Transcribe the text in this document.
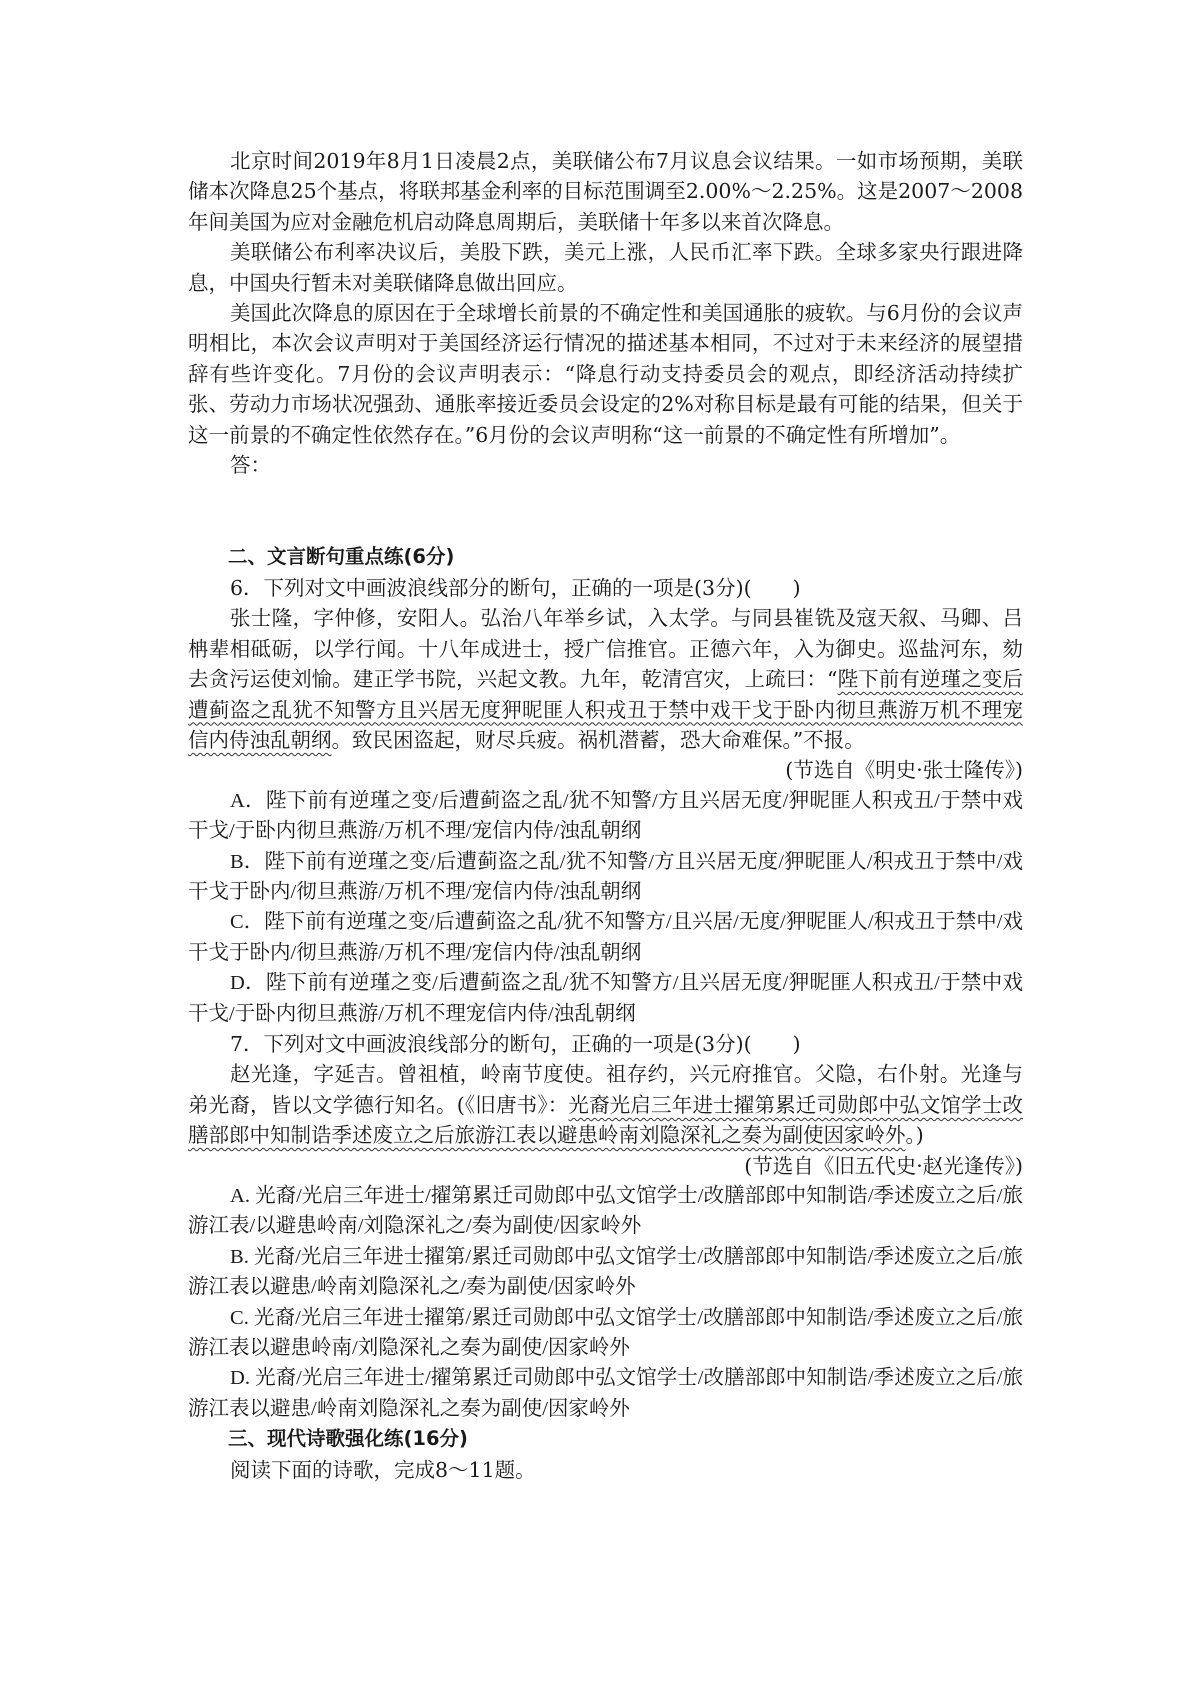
北京时间2019年8月1日凌晨2点，美联储公布7月议息会议结果。一如市场预期，美联储本次降息25个基点，将联邦基金利率的目标范围调至2.00%～2.25%。这是2007～2008年间美国为应对金融危机启动降息周期后，美联储十年多以来首次降息。

美联储公布利率决议后，美股下跌，美元上涨，人民币汇率下跌。全球多家央行跟进降息，中国央行暂未对美联储降息做出回应。

美国此次降息的原因在于全球增长前景的不确定性和美国通胀的疲软。与6月份的会议声明相比，本次会议声明对于美国经济运行情况的描述基本相同，不过对于未来经济的展望措辞有些许变化。7月份的会议声明表示：“降息行动支持委员会的观点，即经济活动持续扩张、劳动力市场状况强劲、通胀率接近委员会设定的2%对称目标是最有可能的结果，但关于这一前景的不确定性依然存在。”6月份的会议声明称“这一前景的不确定性有所增加”。

答：

二、文言断句重点练(6分)

6．下列对文中画波浪线部分的断句，正确的一项是(3分)(　　)

张士隆，字仲修，安阳人。弘治八年举乡试，入太学。与同县崔铣及寇天叙、马卿、吕柟辈相砥砺，以学行闻。十八年成进士，授广信推官。正德六年，入为御史。巡盐河东，劾去贪污运使刘愉。建正学书院，兴起文教。九年，乾清宫灾，上疏曰：“陛下前有逆瑾之变后遭蓟盗之乱犹不知警方且兴居无度狎昵匪人积戎丑于禁中戏干戈于卧内彻旦燕游万机不理宠信内侍浊乱朝纲。致民困盗起，财尽兵疲。祸机潜蓄，恐大命难保。”不报。

(节选自《明史·张士隆传》)

A．陛下前有逆瑾之变/后遭蓟盗之乱/犹不知警/方且兴居无度/狎昵匪人积戎丑/于禁中戏干戈/于卧内彻旦燕游/万机不理/宠信内侍/浊乱朝纲

B．陛下前有逆瑾之变/后遭蓟盗之乱/犹不知警/方且兴居无度/狎昵匪人/积戎丑于禁中/戏干戈于卧内/彻旦燕游/万机不理/宠信内侍/浊乱朝纲

C．陛下前有逆瑾之变/后遭蓟盗之乱/犹不知警方/且兴居/无度/狎昵匪人/积戎丑于禁中/戏干戈于卧内/彻旦燕游/万机不理/宠信内侍/浊乱朝纲

D．陛下前有逆瑾之变/后遭蓟盗之乱/犹不知警方/且兴居无度/狎昵匪人积戎丑/于禁中戏干戈/于卧内彻旦燕游/万机不理宠信内侍/浊乱朝纲

7．下列对文中画波浪线部分的断句，正确的一项是(3分)(　　)

赵光逢，字延吉。曾祖植，岭南节度使。祖存约，兴元府推官。父隐，右仆射。光逢与弟光裔，皆以文学德行知名。(《旧唐书》：光裔光启三年进士擢第累迁司勋郎中弘文馆学士改膳部郎中知制诰季述废立之后旅游江表以避患岭南刘隐深礼之奏为副使因家岭外。)

(节选自《旧五代史·赵光逢传》)

A. 光裔/光启三年进士/擢第累迁司勋郎中弘文馆学士/改膳部郎中知制诰/季述废立之后/旅游江表/以避患岭南/刘隐深礼之/奏为副使/因家岭外

B. 光裔/光启三年进士擢第/累迁司勋郎中弘文馆学士/改膳部郎中知制诰/季述废立之后/旅游江表以避患/岭南刘隐深礼之/奏为副使/因家岭外

C. 光裔/光启三年进士擢第/累迁司勋郎中弘文馆学士/改膳部郎中知制诰/季述废立之后/旅游江表以避患岭南/刘隐深礼之奏为副使/因家岭外

D. 光裔/光启三年进士/擢第累迁司勋郎中弘文馆学士/改膳部郎中知制诰/季述废立之后/旅游江表以避患/岭南刘隐深礼之奏为副使/因家岭外

三、现代诗歌强化练(16分)

阅读下面的诗歌，完成8～11题。
